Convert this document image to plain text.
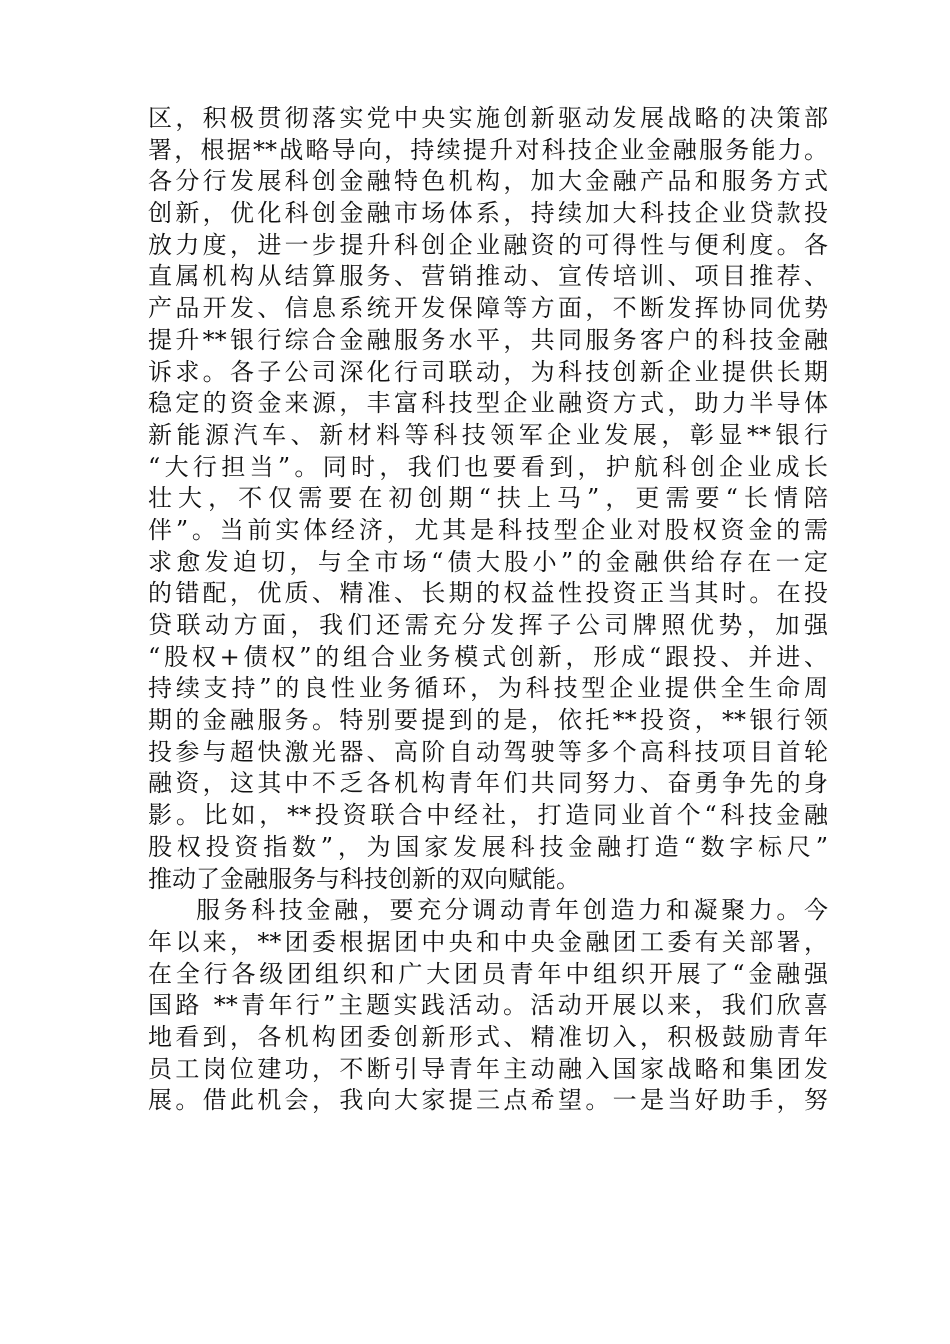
区，积极贯彻落实党中央实施创新驱动发展战略的决策部
署，根据**战略导向，持续提升对科技企业金融服务能力。
各分行发展科创金融特色机构，加大金融产品和服务方式
创新，优化科创金融市场体系，持续加大科技企业贷款投
放力度，进一步提升科创企业融资的可得性与便利度。各
直属机构从结算服务、营销推动、宣传培训、项目推荐、
产品开发、信息系统开发保障等方面，不断发挥协同优势
提升**银行综合金融服务水平，共同服务客户的科技金融
诉求。各子公司深化行司联动，为科技创新企业提供长期
稳定的资金来源，丰富科技型企业融资方式，助力半导体
新能源汽车、新材料等科技领军企业发展，彰显**银行
“大行担当”。同时，我们也要看到，护航科创企业成长
壮大，不仅需要在初创期“扶上马”，更需要“长情陪
伴”。当前实体经济，尤其是科技型企业对股权资金的需
求愈发迫切，与全市场“债大股小”的金融供给存在一定
的错配，优质、精准、长期的权益性投资正当其时。在投
贷联动方面，我们还需充分发挥子公司牌照优势，加强
“股权+债权”的组合业务模式创新，形成“跟投、并进、
持续支持”的良性业务循环，为科技型企业提供全生命周
期的金融服务。特别要提到的是，依托**投资，**银行领
投参与超快激光器、高阶自动驾驶等多个高科技项目首轮
融资，这其中不乏各机构青年们共同努力、奋勇争先的身
影。比如，**投资联合中经社，打造同业首个“科技金融
股权投资指数”，为国家发展科技金融打造“数字标尺”
推动了金融服务与科技创新的双向赋能。
服务科技金融，要充分调动青年创造力和凝聚力。今
年以来，**团委根据团中央和中央金融团工委有关部署，
在全行各级团组织和广大团员青年中组织开展了“金融强
国路 **青年行”主题实践活动。活动开展以来，我们欣喜
地看到，各机构团委创新形式、精准切入，积极鼓励青年
员工岗位建功，不断引导青年主动融入国家战略和集团发
展。借此机会，我向大家提三点希望。一是当好助手，努
